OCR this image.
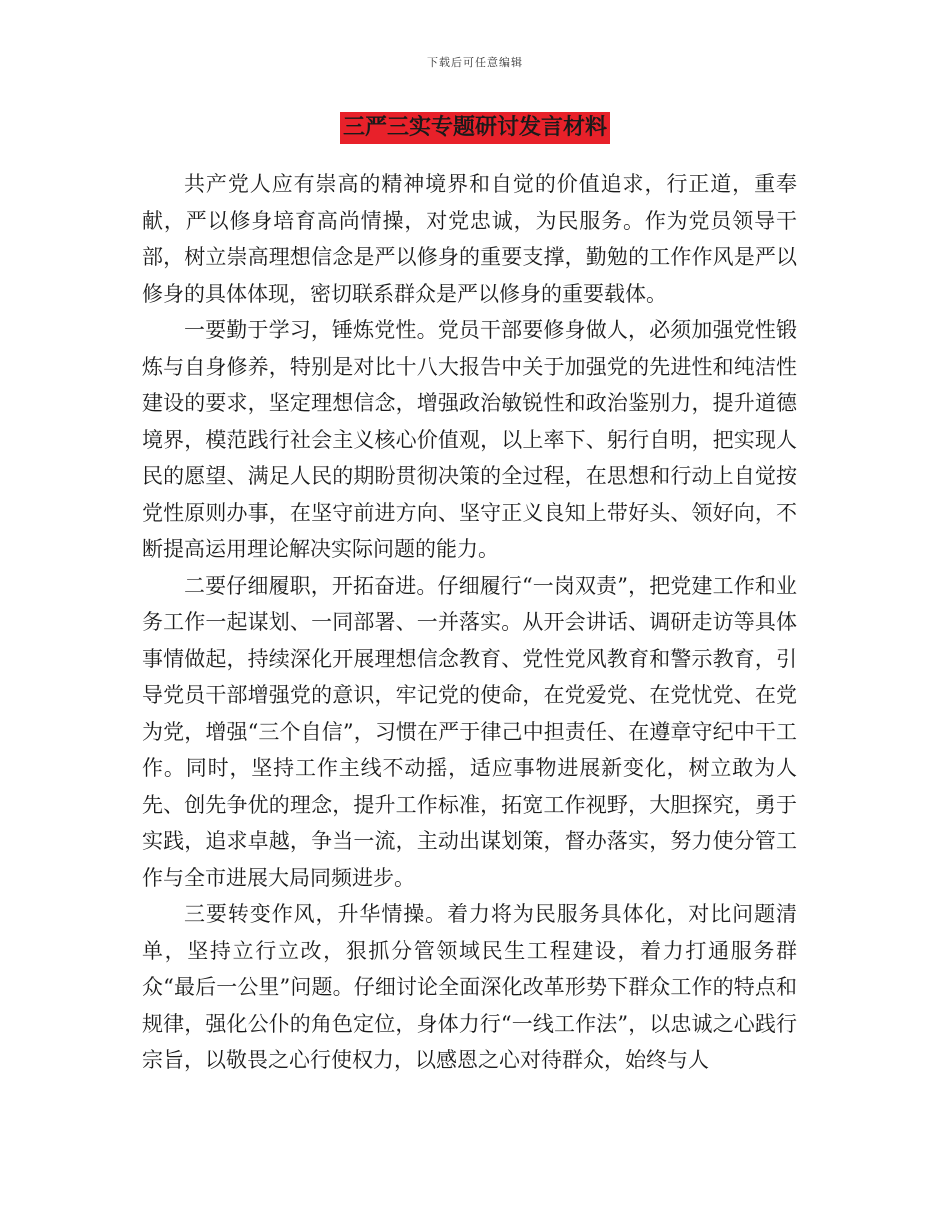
下载后可任意编辑
三严三实专题研讨发言材料

共产党人应有崇高的精神境界和自觉的价值追求，行正道，重奉献，严以修身培育高尚情操，对党忠诚，为民服务。作为党员领导干部，树立崇高理想信念是严以修身的重要支撑，勤勉的工作作风是严以修身的具体体现，密切联系群众是严以修身的重要载体。

一要勤于学习，锤炼党性。党员干部要修身做人，必须加强党性锻炼与自身修养，特别是对比十八大报告中关于加强党的先进性和纯洁性建设的要求，坚定理想信念，增强政治敏锐性和政治鉴别力，提升道德境界，模范践行社会主义核心价值观，以上率下、躬行自明，把实现人民的愿望、满足人民的期盼贯彻决策的全过程，在思想和行动上自觉按党性原则办事，在坚守前进方向、坚守正义良知上带好头、领好向，不断提高运用理论解决实际问题的能力。

二要仔细履职，开拓奋进。仔细履行“一岗双责”，把党建工作和业务工作一起谋划、一同部署、一并落实。从开会讲话、调研走访等具体事情做起，持续深化开展理想信念教育、党性党风教育和警示教育，引导党员干部增强党的意识，牢记党的使命，在党爱党、在党忧党、在党为党，增强“三个自信”，习惯在严于律己中担责任、在遵章守纪中干工作。同时，坚持工作主线不动摇，适应事物进展新变化，树立敢为人先、创先争优的理念，提升工作标准，拓宽工作视野，大胆探究，勇于实践，追求卓越，争当一流，主动出谋划策，督办落实，努力使分管工作与全市进展大局同频进步。

三要转变作风，升华情操。着力将为民服务具体化，对比问题清单，坚持立行立改，狠抓分管领域民生工程建设，着力打通服务群众“最后一公里”问题。仔细讨论全面深化改革形势下群众工作的特点和规律，强化公仆的角色定位，身体力行“一线工作法”，以忠诚之心践行宗旨，以敬畏之心行使权力，以感恩之心对待群众，始终与人
